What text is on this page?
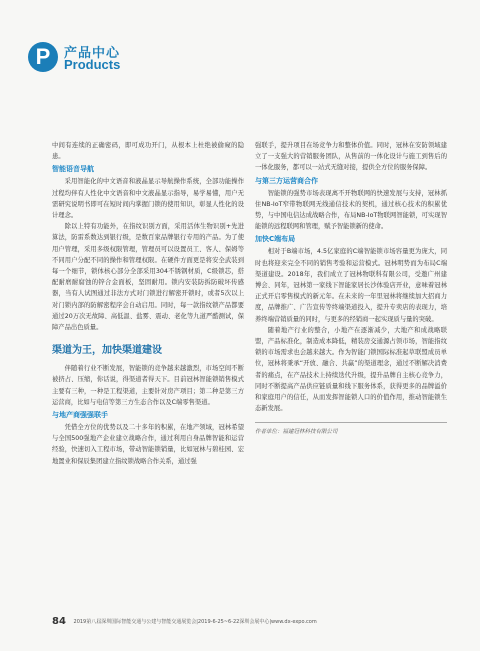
P	产品中心
Products

中间有连续的正确密码，即可成功开门，从根本上杜绝被偷窥的隐患。

智能语音导航

采用智能化的中文语音和液晶显示导航操作系统，全部功能操作过程均伴有人性化中文语音和中文液晶显示指导，易学易懂，用户无需研究说明书即可在短时间内掌握门锁的使用知识，彰显人性化的设计理念。

除以上特有功能外，在指纹识别方面，采用活体生物识别+先进算法，防雷系数达到银行级，是数百家品牌银行专用的产品。为了使用户管理，采用多级权限管理，管理员可以设置员工、客人、保姆等不同用户分配不同的操作和管理权限。在硬件方面更是将安全武装到每一个细节，锁体核心部分全部采用304不锈钢材质，C级锁芯，搭配耐磨耐腐蚀的锌合金面板，坚固耐用。锁内安装防拆防破坏传感器，当有人试图通过非法方式对门锁进行解密开锁时，或者5次以上对门锁内部的防解密程序会自动启用。同时，每一款指纹锁产品都要通过20万次无故障、高低温、盐雾、震动、老化等九道严酷测试，保障产品出色质量。

渠道为王，加快渠道建设

伴随着行业不断发展，智能锁的竞争越来越激烈，市场空间不断被挤占、压缩，你话说，得渠道者得天下。目前冠林智能锁销售模式主要有三种，一种是工程渠道，主要针对房产项目；第二种是第三方运营商，比如与电信等第三方生态合作以及C端零售渠道。

与地产商强强联手

凭借全方位的优势以及二十多年的积累，在地产领域，冠林希望与全国500强地产企业建立战略合作，通过利用自身品牌智能和运营经验，快速切入工程市场，带动智能锁销量，比如冠林与碧桂园、宏地置业和保辰集团建立指纹锁战略合作关系，通过强

强联手，提升项目在场竞争力和整体价值。同时，冠林在安防领域建立了一支强大的营销服务团队，从售前的一体化设计与施工到售后的一体化服务，都可以一站式无缝对接，提供全方位的服务保障。

与第三方运营商合作

智能锁的强势市场表现离不开物联网的快速发展与支持，冠林抓住NB-IoT窄带物联网无线通信技术的契机，通过核心技术的积累优势，与中国电信达成战略合作，布局NB-IoT物联网智能锁，可实现智能锁的远程联网和管理，赋予智能锁新的使命。

加快C端布局

相对于B端市场，4.5亿家庭的C端智能锁市场容量更为庞大，同时也将迎来完全不同的销售考验和运营模式。冠林明势而为布局C端渠道建设。2018年，我们成立了冠林物联科有限公司，受邀广州建博会、同年，冠林第一家线下智能家居长沙体验店开业，意味着冠林正式开启零售模式的新元年。在未来的一年里冠林将继续加大招商力度，品牌推广、广告宣传等终端渠道投入，提升专卖店的表现力，培养终端营销质量的同时，与更多的经销商一起实现质与量的突破。

随着地产行业的整合，小地产在逐渐减少，大地产和成战略联盟，产品标准化，制造成本降低，精装房交通源占领市场，智能指纹锁的市场需求也会越来越大。作为智能门锁国际标准起草联盟成员单位，冠林将秉承“开放、融合、共赢”的渠道理念，通过不断解决消费者的痛点，在产品技术上持续迭代升级，提升品牌自主核心竞争力，同时不断提高产品供应链质量和线下服务体系，获得更多的品牌溢价和家庭用户的信任，从而发挥智能锁人口的价值作用，推动智能锁生态新发展。

作者单位：福建冠林科技有限公司
84 2019第八届深圳国际智能交通与公建与智能交通展览会|2019-6-25~6-22深圳会展中心|www.dx-expo.com
